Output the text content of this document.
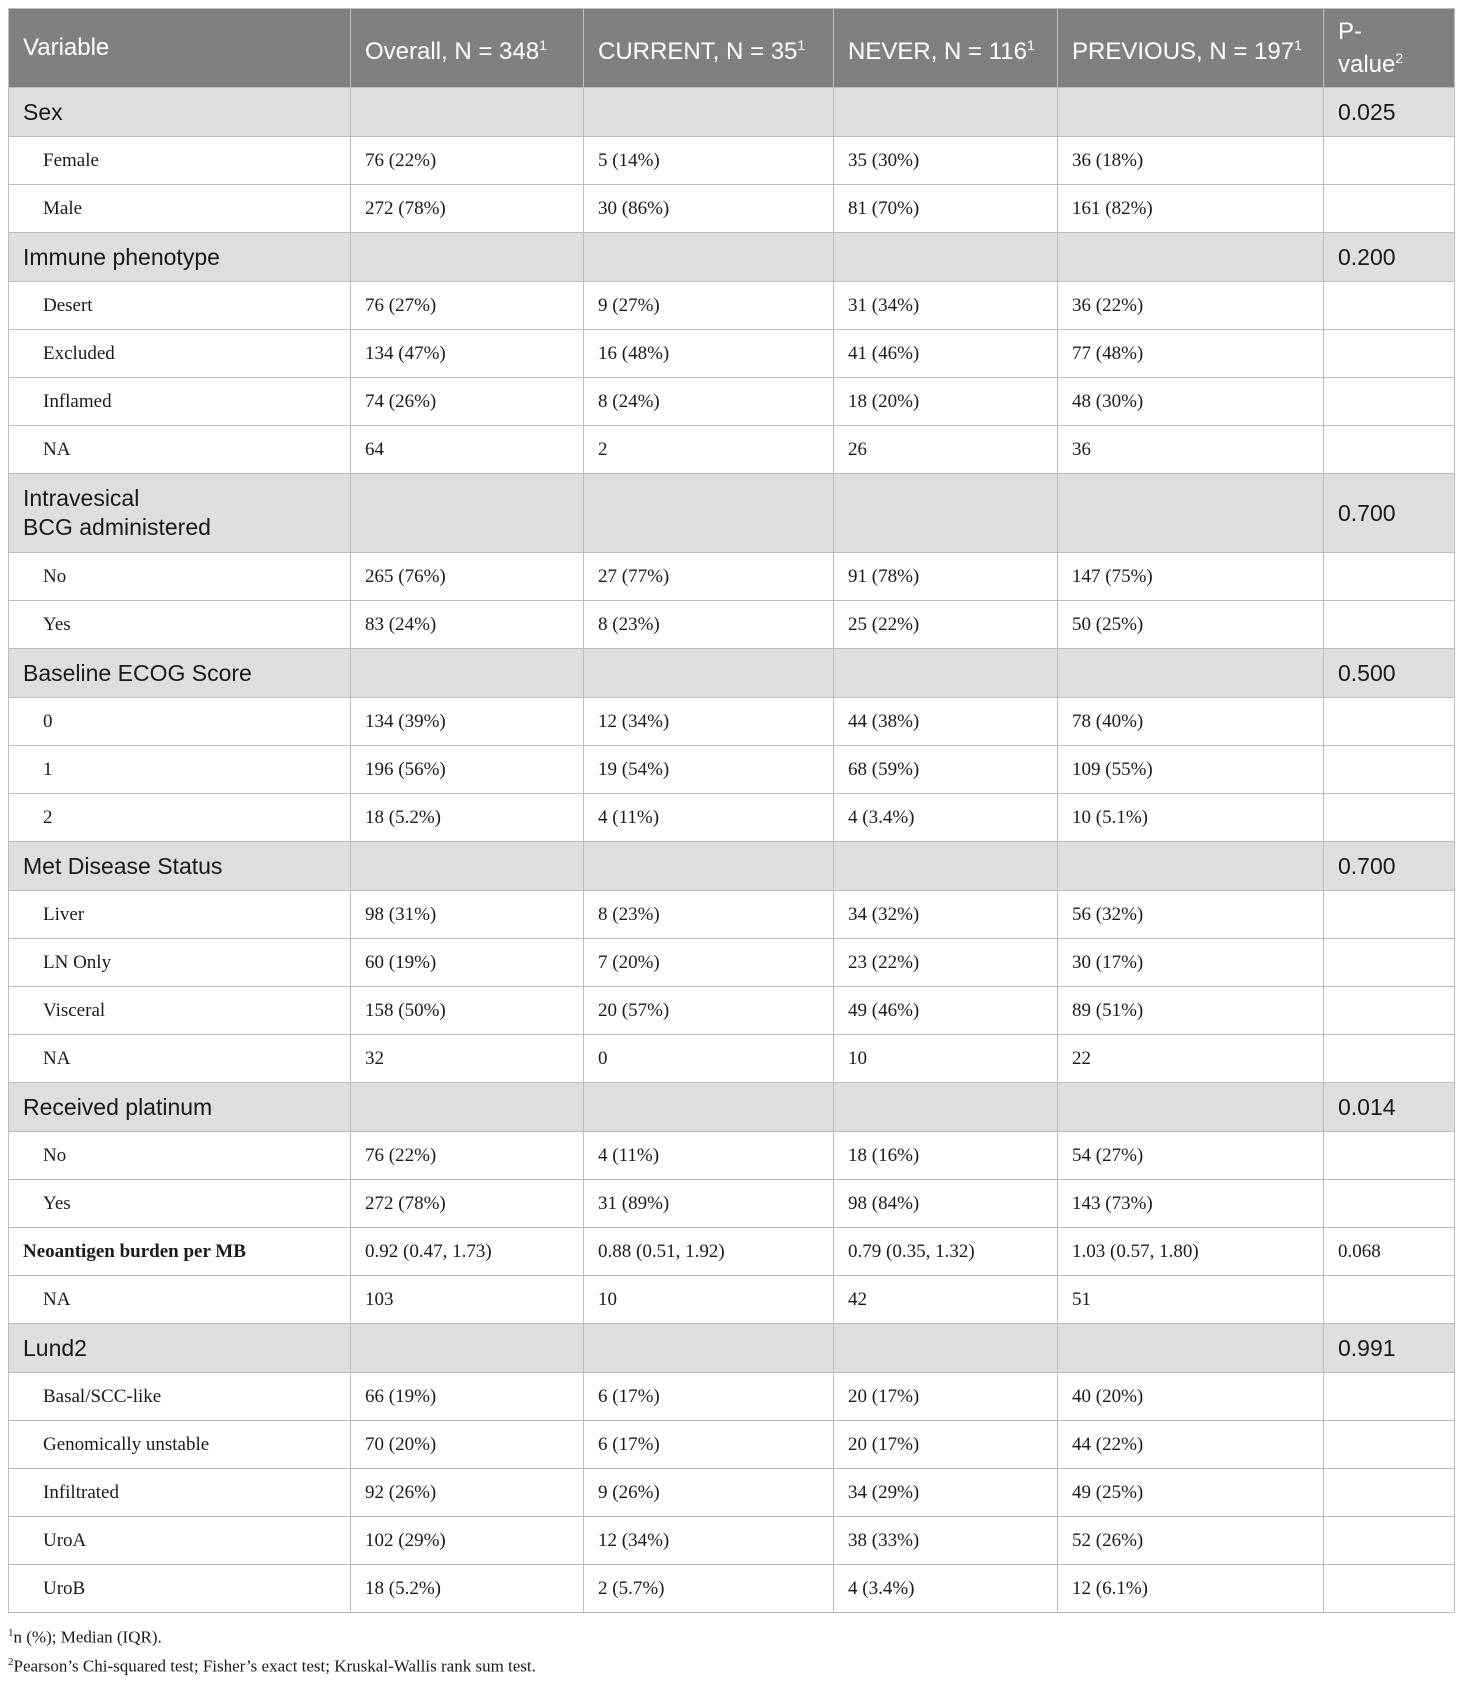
Variable	Overall, $N = 348^1$	CURRENT, $N = 35^1$	NEVER, $N = 116^1$	PREVIOUS, $N = 197^1$	P-
value$^2$
Sex					0.025
Female	76 (22%)	5 (14%)	35 (30%)	36 (18%)	
Male	272 (78%)	30 (86%)	81 (70%)	161 (82%)	
Immune phenotype					0.200
Desert	76 (27%)	9 (27%)	31 (34%)	36 (22%)	
Excluded	134 (47%)	16 (48%)	41 (46%)	77 (48%)	
Inflamed	74 (26%)	8 (24%)	18 (20%)	48 (30%)	
NA	64	2	26	36	
Intravesical
BCG administered					0.700
No	265 (76%)	27 (77%)	91 (78%)	147 (75%)	
Yes	83 (24%)	8 (23%)	25 (22%)	50 (25%)	
Baseline ECOG Score					0.500
0	134 (39%)	12 (34%)	44 (38%)	78 (40%)	
1	196 (56%)	19 (54%)	68 (59%)	109 (55%)	
2	18 (5.2%)	4 (11%)	4 (3.4%)	10 (5.1%)	
Met Disease Status					0.700
Liver	98 (31%)	8 (23%)	34 (32%)	56 (32%)	
LN Only	60 (19%)	7 (20%)	23 (22%)	30 (17%)	
Visceral	158 (50%)	20 (57%)	49 (46%)	89 (51%)	
NA	32	0	10	22	
Received platinum					0.014
No	76 (22%)	4 (11%)	18 (16%)	54 (27%)	
Yes	272 (78%)	31 (89%)	98 (84%)	143 (73%)	
Neoantigen burden per MB	0.92 (0.47, 1.73)	0.88 (0.51, 1.92)	0.79 (0.35, 1.32)	1.03 (0.57, 1.80)	0.068
NA	103	10	42	51	
Lund2					0.991
Basal/SCC-like	66 (19%)	6 (17%)	20 (17%)	40 (20%)	
Genomically unstable	70 (20%)	6 (17%)	20 (17%)	44 (22%)	
Infiltrated	92 (26%)	9 (26%)	34 (29%)	49 (25%)	
UroA	102 (29%)	12 (34%)	38 (33%)	52 (26%)	
UroB	18 (5.2%)	2 (5.7%)	4 (3.4%)	12 (6.1%)	
$^1$n (%); Median (IQR).
$^2$Pearson’s Chi-squared test; Fisher’s exact test; Kruskal-Wallis rank sum test.
